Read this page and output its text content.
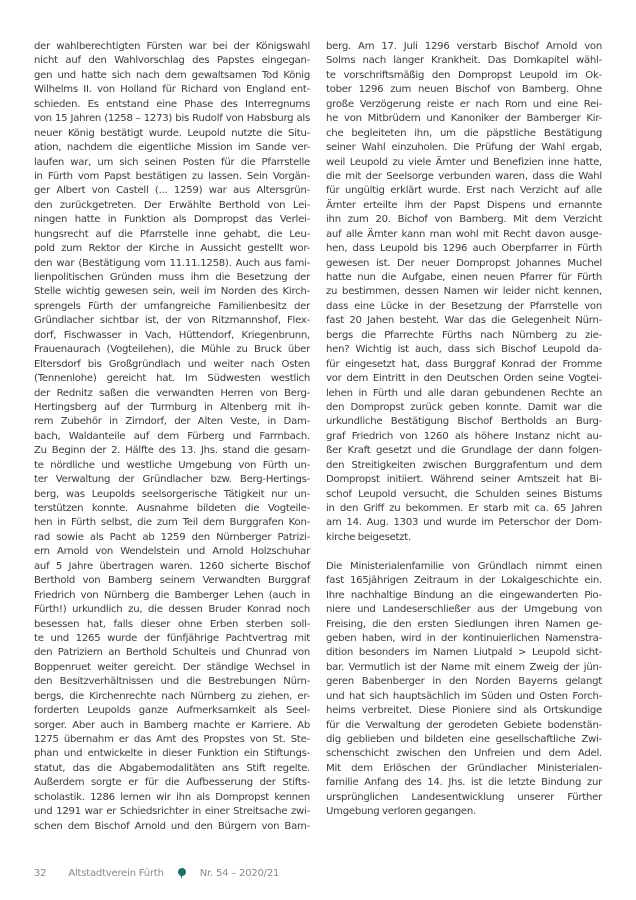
der wahlberechtigten Fürsten war bei der Königswahl
nicht auf den Wahlvorschlag des Papstes eingegan-
gen und hatte sich nach dem gewaltsamen Tod König
Wilhelms II. von Holland für Richard von England ent-
schieden. Es entstand eine Phase des Interregnums
von 15 Jahren (1258 – 1273) bis Rudolf von Habsburg als
neuer König bestätigt wurde. Leupold nutzte die Situ-
ation, nachdem die eigentliche Mission im Sande ver-
laufen war, um sich seinen Posten für die Pfarrstelle
in Fürth vom Papst bestätigen zu lassen. Sein Vorgän-
ger Albert von Castell (... 1259) war aus Altersgrün-
den zurückgetreten. Der Erwählte Berthold von Lei-
ningen hatte in Funktion als Dompropst das Verlei-
hungsrecht auf die Pfarrstelle inne gehabt, die Leu-
pold zum Rektor der Kirche in Aussicht gestellt wor-
den war (Bestätigung vom 11.11.1258). Auch aus fami-
lienpolitischen Gründen muss ihm die Besetzung der
Stelle wichtig gewesen sein, weil im Norden des Kirch-
sprengels Fürth der umfangreiche Familienbesitz der
Gründlacher sichtbar ist, der von Ritzmannshof, Flex-
dorf, Fischwasser in Vach, Hüttendorf, Kriegenbrunn,
Frauenaurach (Vogteilehen), die Mühle zu Bruck über
Eltersdorf bis Großgründlach und weiter nach Osten
(Tennenlohe) gereicht hat. Im Südwesten westlich
der Rednitz saßen die verwandten Herren von Berg-
Hertingsberg auf der Turmburg in Altenberg mit ih-
rem Zubehör in Zirndorf, der Alten Veste, in Dam-
bach, Waldanteile auf dem Fürberg und Farrnbach.
Zu Beginn der 2. Hälfte des 13. Jhs. stand die gesam-
te nördliche und westliche Umgebung von Fürth un-
ter Verwaltung der Gründlacher bzw. Berg-Hertings-
berg, was Leupolds seelsorgerische Tätigkeit nur un-
terstützen konnte. Ausnahme bildeten die Vogteile-
hen in Fürth selbst, die zum Teil dem Burggrafen Kon-
rad sowie als Pacht ab 1259 den Nürnberger Patrizi-
ern Arnold von Wendelstein und Arnold Holzschuhar
auf 5 Jahre übertragen waren. 1260 sicherte Bischof
Berthold von Bamberg seinem Verwandten Burggraf
Friedrich von Nürnberg die Bamberger Lehen (auch in
Fürth!) urkundlich zu, die dessen Bruder Konrad noch
besessen hat, falls dieser ohne Erben sterben soll-
te und 1265 wurde der fünfjährige Pachtvertrag mit
den Patriziern an Berthold Schulteis und Chunrad von
Boppenruet weiter gereicht. Der ständige Wechsel in
den Besitzverhältnissen und die Bestrebungen Nürn-
bergs, die Kirchenrechte nach Nürnberg zu ziehen, er-
forderten Leupolds ganze Aufmerksamkeit als Seel-
sorger. Aber auch in Bamberg machte er Karriere. Ab
1275 übernahm er das Amt des Propstes von St. Ste-
phan und entwickelte in dieser Funktion ein Stiftungs-
statut, das die Abgabemodalitäten ans Stift regelte.
Außerdem sorgte er für die Aufbesserung der Stifts-
scholastik. 1286 lernen wir ihn als Dompropst kennen
und 1291 war er Schiedsrichter in einer Streitsache zwi-
schen dem Bischof Arnold und den Bürgern von Bam-
berg. Am 17. Juli 1296 verstarb Bischof Arnold von
Solms nach langer Krankheit. Das Domkapitel wähl-
te vorschriftsmäßig den Dompropst Leupold im Ok-
tober 1296 zum neuen Bischof von Bamberg. Ohne
große Verzögerung reiste er nach Rom und eine Rei-
he von Mitbrüdern und Kanoniker der Bamberger Kir-
che begleiteten ihn, um die päpstliche Bestätigung
seiner Wahl einzuholen. Die Prüfung der Wahl ergab,
weil Leupold zu viele Ämter und Benefizien inne hatte,
die mit der Seelsorge verbunden waren, dass die Wahl
für ungültig erklärt wurde. Erst nach Verzicht auf alle
Ämter erteilte ihm der Papst Dispens und ernannte
ihn zum 20. Bichof von Bamberg. Mit dem Verzicht
auf alle Ämter kann man wohl mit Recht davon ausge-
hen, dass Leupold bis 1296 auch Oberpfarrer in Fürth
gewesen ist. Der neuer Dompropst Johannes Muchel
hatte nun die Aufgabe, einen neuen Pfarrer für Fürth
zu bestimmen, dessen Namen wir leider nicht kennen,
dass eine Lücke in der Besetzung der Pfarrstelle von
fast 20 Jahen besteht. War das die Gelegenheit Nürn-
bergs die Pfarrechte Fürths nach Nürnberg zu zie-
hen? Wichtig ist auch, dass sich Bischof Leupold da-
für eingesetzt hat, dass Burggraf Konrad der Fromme
vor dem Eintritt in den Deutschen Orden seine Vogtei-
lehen in Fürth und alle daran gebundenen Rechte an
den Dompropst zurück geben konnte. Damit war die
urkundliche Bestätigung Bischof Bertholds an Burg-
graf Friedrich von 1260 als höhere Instanz nicht au-
ßer Kraft gesetzt und die Grundlage der dann folgen-
den Streitigkeiten zwischen Burggrafentum und dem
Dompropst initiiert. Während seiner Amtszeit hat Bi-
schof Leupold versucht, die Schulden seines Bistums
in den Griff zu bekommen. Er starb mit ca. 65 Jahren
am 14. Aug. 1303 und wurde im Peterschor der Dom-
kirche beigesetzt.
Die Ministerialenfamilie von Gründlach nimmt einen
fast 165jährigen Zeitraum in der Lokalgeschichte ein.
Ihre nachhaltige Bindung an die eingewanderten Pio-
niere und Landeserschließer aus der Umgebung von
Freising, die den ersten Siedlungen ihren Namen ge-
geben haben, wird in der kontinuierlichen Namenstra-
dition besonders im Namen Liutpald > Leupold sicht-
bar. Vermutlich ist der Name mit einem Zweig der jün-
geren Babenberger in den Norden Bayerns gelangt
und hat sich hauptsächlich im Süden und Osten Forch-
heims verbreitet. Diese Pioniere sind als Ortskundige
für die Verwaltung der gerodeten Gebiete bodenstän-
dig geblieben und bildeten eine gesellschaftliche Zwi-
schenschicht zwischen den Unfreien und dem Adel.
Mit dem Erlöschen der Gründlacher Ministerialen-
familie Anfang des 14. Jhs. ist die letzte Bindung zur
ursprünglichen Landesentwicklung unserer Fürther
Umgebung verloren gegangen.
32 Altstadtverein Fürth	Nr. 54 – 2020/21
